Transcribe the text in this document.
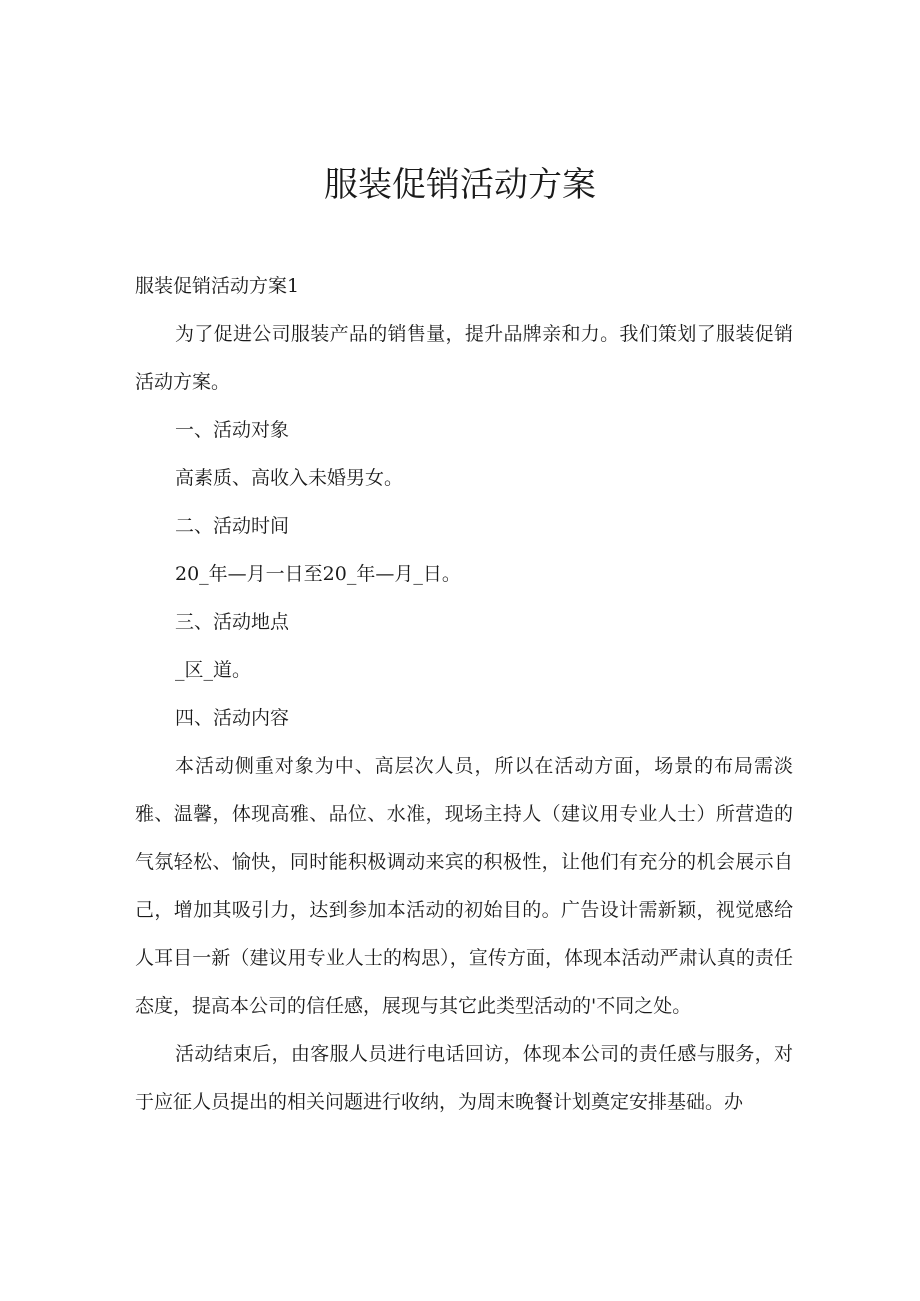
服装促销活动方案

服装促销活动方案1

为了促进公司服装产品的销售量，提升品牌亲和力。我们策划了服装促销活动方案。

一、活动对象

高素质、高收入未婚男女。

二、活动时间

20_年—月一日至20_年—月_日。

三、活动地点

_区_道。

四、活动内容

本活动侧重对象为中、高层次人员，所以在活动方面，场景的布局需淡雅、温馨，体现高雅、品位、水准，现场主持人（建议用专业人士）所营造的气氛轻松、愉快，同时能积极调动来宾的积极性，让他们有充分的机会展示自己，增加其吸引力，达到参加本活动的初始目的。广告设计需新颖，视觉感给人耳目一新（建议用专业人士的构思），宣传方面，体现本活动严肃认真的责任态度，提高本公司的信任感，展现与其它此类型活动的'不同之处。

活动结束后，由客服人员进行电话回访，体现本公司的责任感与服务，对于应征人员提出的相关问题进行收纳，为周末晚餐计划奠定安排基础。办
